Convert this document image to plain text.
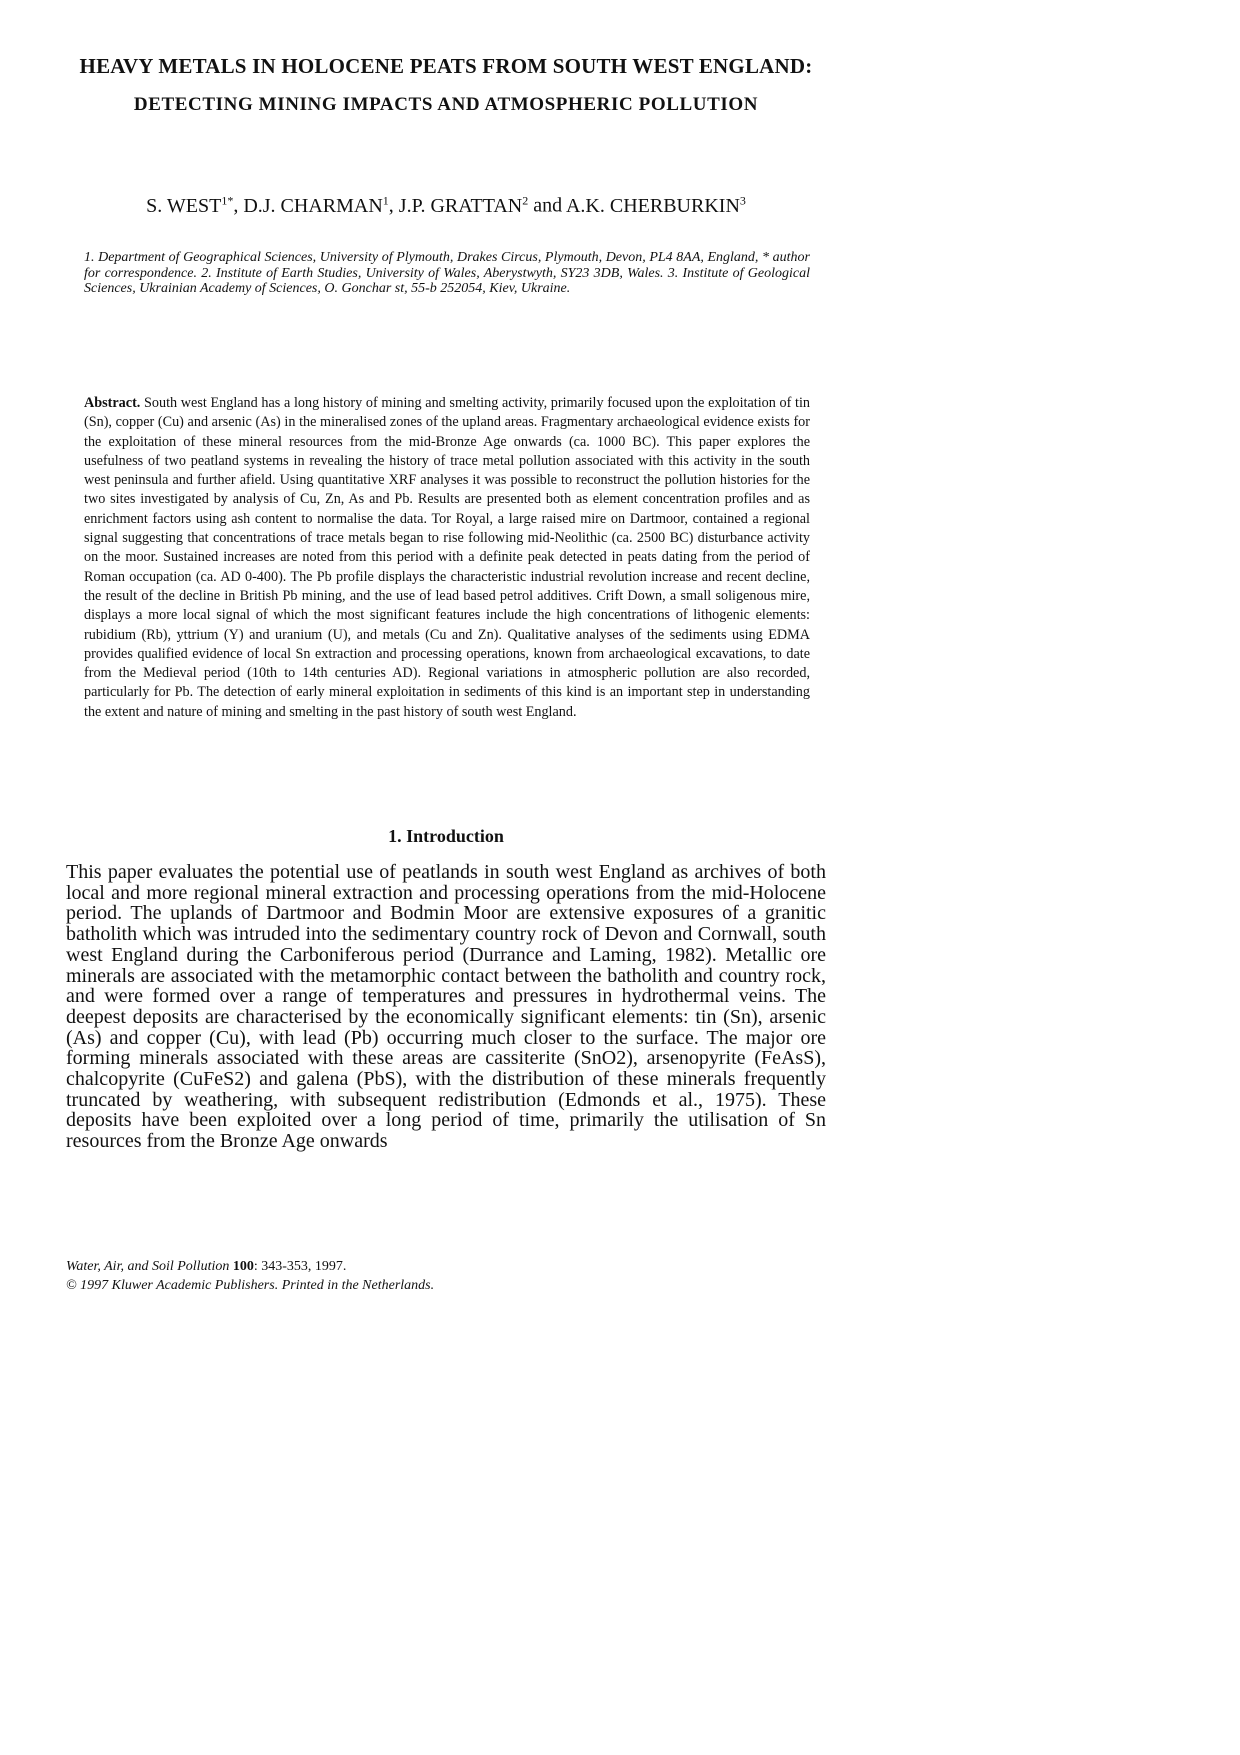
HEAVY METALS IN HOLOCENE PEATS FROM SOUTH WEST ENGLAND:
DETECTING MINING IMPACTS AND ATMOSPHERIC POLLUTION

S. $WEST^{1*}$, D.J. CHARMAN$^1$, J.P. GRATTAN$^2$ and A.K. CHERBURKIN$^3$

1. Department of Geographical Sciences, University of Plymouth, Drakes Circus, Plymouth, Devon, PL4 8AA, England, * author for correspondence. 2. Institute of Earth Studies, University of Wales, Aberystwyth, SY23 3DB, Wales. 3. Institute of Geological Sciences, Ukrainian Academy of Sciences, O. Gonchar st, 55-b 252054, Kiev, Ukraine.

Abstract. South west England has a long history of mining and smelting activity, primarily focused upon the exploitation of tin (Sn), copper (Cu) and arsenic (As) in the mineralised zones of the upland areas. Fragmentary archaeological evidence exists for the exploitation of these mineral resources from the mid-Bronze Age onwards (ca. 1000 BC). This paper explores the usefulness of two peatland systems in revealing the history of trace metal pollution associated with this activity in the south west peninsula and further afield. Using quantitative XRF analyses it was possible to reconstruct the pollution histories for the two sites investigated by analysis of Cu, Zn, As and Pb. Results are presented both as element concentration profiles and as enrichment factors using ash content to normalise the data. Tor Royal, a large raised mire on Dartmoor, contained a regional signal suggesting that concentrations of trace metals began to rise following mid-Neolithic (ca. 2500 BC) disturbance activity on the moor. Sustained increases are noted from this period with a definite peak detected in peats dating from the period of Roman occupation (ca. AD 0-400). The Pb profile displays the characteristic industrial revolution increase and recent decline, the result of the decline in British Pb mining, and the use of lead based petrol additives. Crift Down, a small soligenous mire, displays a more local signal of which the most significant features include the high concentrations of lithogenic elements: rubidium (Rb), yttrium (Y) and uranium (U), and metals (Cu and Zn). Qualitative analyses of the sediments using EDMA provides qualified evidence of local Sn extraction and processing operations, known from archaeological excavations, to date from the Medieval period (10th to 14th centuries AD). Regional variations in atmospheric pollution are also recorded, particularly for Pb. The detection of early mineral exploitation in sediments of this kind is an important step in understanding the extent and nature of mining and smelting in the past history of south west England.

1. Introduction

This paper evaluates the potential use of peatlands in south west England as archives of both local and more regional mineral extraction and processing operations from the mid-Holocene period. The uplands of Dartmoor and Bodmin Moor are extensive exposures of a granitic batholith which was intruded into the sedimentary country rock of Devon and Cornwall, south west England during the Carboniferous period (Durrance and Laming, 1982). Metallic ore minerals are associated with the metamorphic contact between the batholith and country rock, and were formed over a range of temperatures and pressures in hydrothermal veins. The deepest deposits are characterised by the economically significant elements: tin (Sn), arsenic (As) and copper (Cu), with lead (Pb) occurring much closer to the surface. The major ore forming minerals associated with these areas are cassiterite (SnO2), arsenopyrite (FeAsS), chalcopyrite (CuFeS2) and galena (PbS), with the distribution of these minerals frequently truncated by weathering, with subsequent redistribution (Edmonds et al., 1975). These deposits have been exploited over a long period of time, primarily the utilisation of Sn resources from the Bronze Age onwards

Water, Air, and Soil Pollution 100: 343-353, 1997.
© 1997 Kluwer Academic Publishers. Printed in the Netherlands.
